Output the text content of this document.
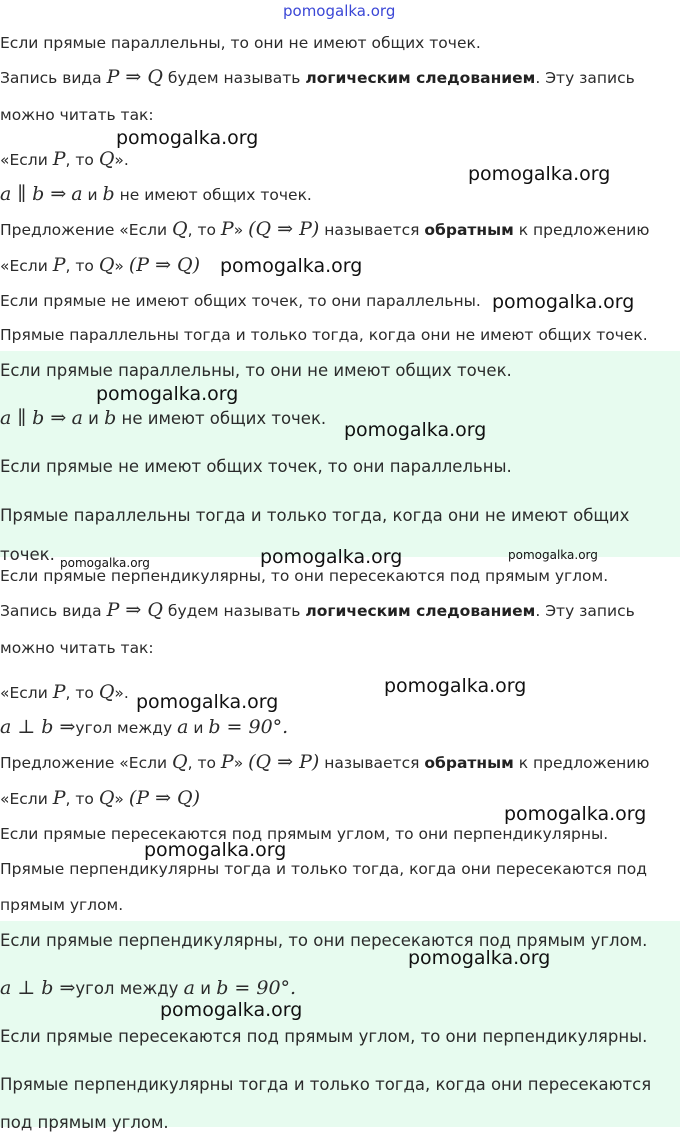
pomogalka.org
Если прямые параллельны, то они не имеют общих точек.
Запись вида P ⇒ Q будем называть логическим следованием. Эту запись
можно читать так:
«Если P, то Q».
a ∥ b ⇒ a и b не имеют общих точек.
Предложение «Если Q, то P» (Q ⇒ P) называется обратным к предложению
«Если P, то Q» (P ⇒ Q)
Если прямые не имеют общих точек, то они параллельны.
Прямые параллельны тогда и только тогда, когда они не имеют общих точек.
Если прямые параллельны, то они не имеют общих точек.
a ∥ b ⇒ a и b не имеют общих точек.
Если прямые не имеют общих точек, то они параллельны.
Прямые параллельны тогда и только тогда, когда они не имеют общих
точек.
Если прямые перпендикулярны, то они пересекаются под прямым углом.
Запись вида P ⇒ Q будем называть логическим следованием. Эту запись
можно читать так:
«Если P, то Q».
a ⊥ b ⇒угол между a и b = 90°.
Предложение «Если Q, то P» (Q ⇒ P) называется обратным к предложению
«Если P, то Q» (P ⇒ Q)
Если прямые пересекаются под прямым углом, то они перпендикулярны.
Прямые перпендикулярны тогда и только тогда, когда они пересекаются под
прямым углом.
Если прямые перпендикулярны, то они пересекаются под прямым углом.
a ⊥ b ⇒угол между a и b = 90°.
Если прямые пересекаются под прямым углом, то они перпендикулярны.
Прямые перпендикулярны тогда и только тогда, когда они пересекаются
под прямым углом.
pomogalka.org
pomogalka.org
pomogalka.org
pomogalka.org
pomogalka.org
pomogalka.org
pomogalka.org	pomogalka.org	pomogalka.org
pomogalka.org
pomogalka.org
pomogalka.org
pomogalka.org
pomogalka.org
pomogalka.org
